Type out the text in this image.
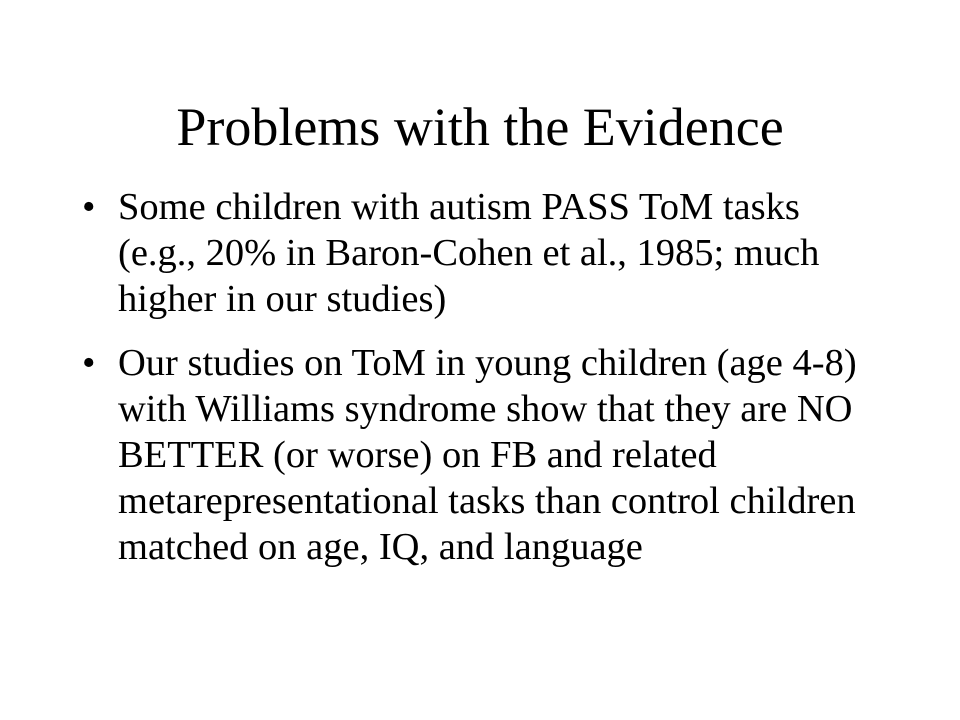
Problems with the Evidence
• Some children with autism PASS ToM tasks (e.g., 20% in Baron-Cohen et al., 1985; much higher in our studies)
• Our studies on ToM in young children (age 4-8) with Williams syndrome show that they are NO BETTER (or worse) on FB and related metarepresentational tasks than control children matched on age, IQ, and language
